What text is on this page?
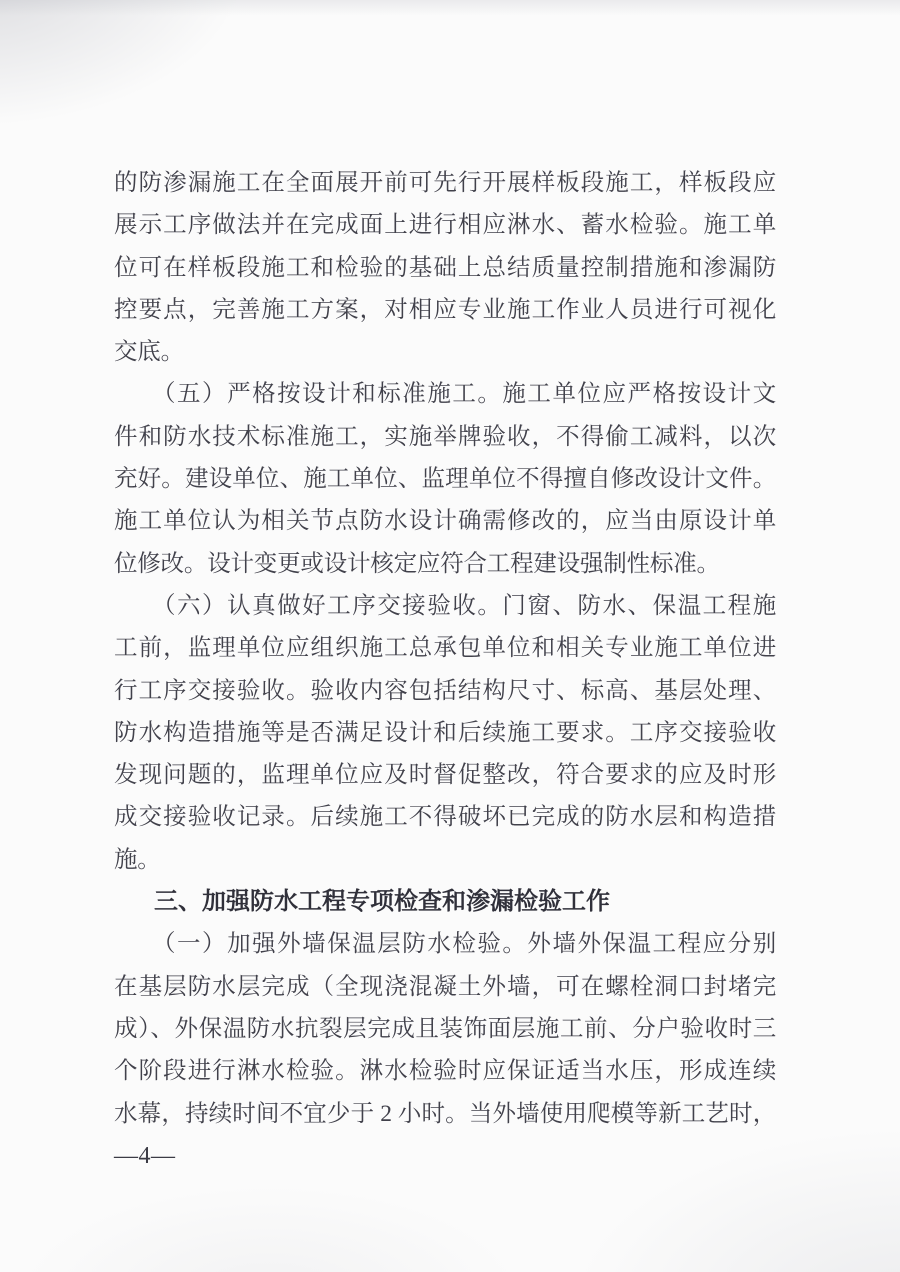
的防渗漏施工在全面展开前可先行开展样板段施工，样板段应
展示工序做法并在完成面上进行相应淋水、蓄水检验。施工单
位可在样板段施工和检验的基础上总结质量控制措施和渗漏防
控要点，完善施工方案，对相应专业施工作业人员进行可视化
交底。
（五）严格按设计和标准施工。施工单位应严格按设计文
件和防水技术标准施工，实施举牌验收，不得偷工减料，以次
充好。建设单位、施工单位、监理单位不得擅自修改设计文件。
施工单位认为相关节点防水设计确需修改的，应当由原设计单
位修改。设计变更或设计核定应符合工程建设强制性标准。
（六）认真做好工序交接验收。门窗、防水、保温工程施
工前，监理单位应组织施工总承包单位和相关专业施工单位进
行工序交接验收。验收内容包括结构尺寸、标高、基层处理、
防水构造措施等是否满足设计和后续施工要求。工序交接验收
发现问题的，监理单位应及时督促整改，符合要求的应及时形
成交接验收记录。后续施工不得破坏已完成的防水层和构造措
施。
三、加强防水工程专项检查和渗漏检验工作
（一）加强外墙保温层防水检验。外墙外保温工程应分别
在基层防水层完成（全现浇混凝土外墙，可在螺栓洞口封堵完
成）、外保温防水抗裂层完成且装饰面层施工前、分户验收时三
个阶段进行淋水检验。淋水检验时应保证适当水压，形成连续
水幕，持续时间不宜少于 2 小时。当外墙使用爬模等新工艺时，
—4—
